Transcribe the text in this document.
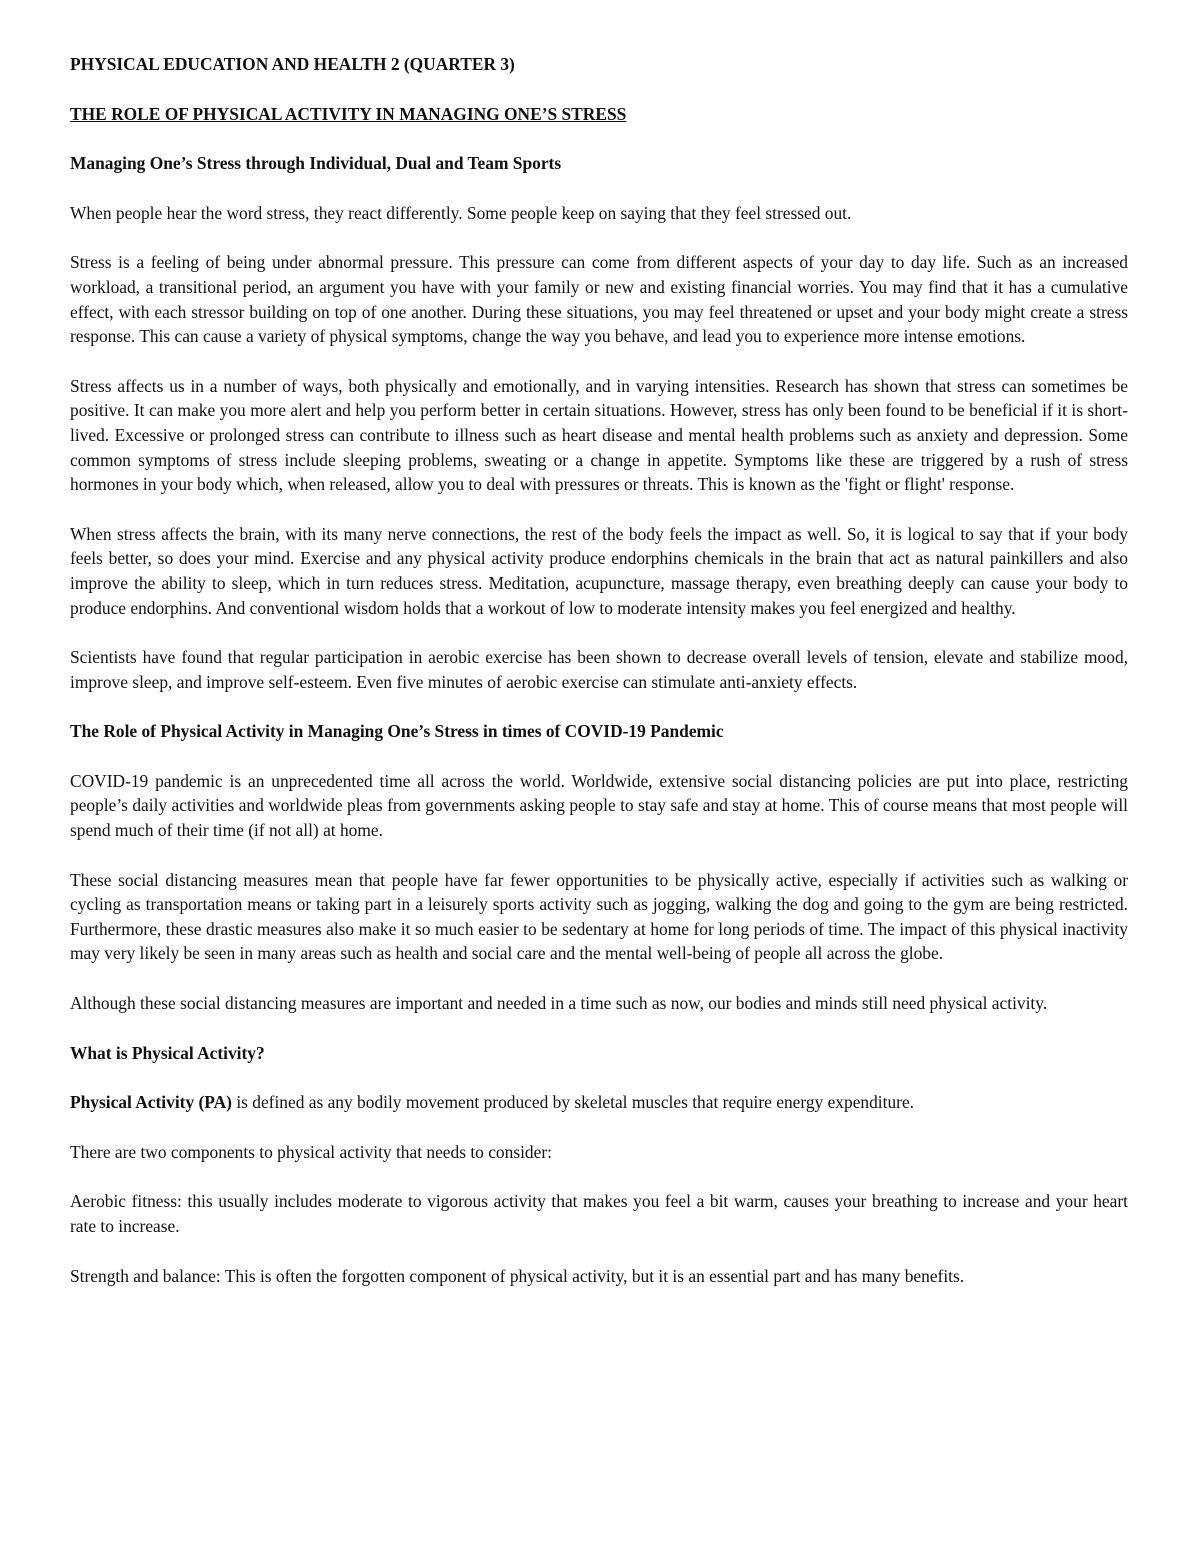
PHYSICAL EDUCATION AND HEALTH 2 (QUARTER 3)
THE ROLE OF PHYSICAL ACTIVITY IN MANAGING ONE’S STRESS
Managing One’s Stress through Individual, Dual and Team Sports

When people hear the word stress, they react differently. Some people keep on saying that they feel stressed out.

Stress is a feeling of being under abnormal pressure. This pressure can come from different aspects of your day to day life. Such as an increased workload, a transitional period, an argument you have with your family or new and existing financial worries. You may find that it has a cumulative effect, with each stressor building on top of one another. During these situations, you may feel threatened or upset and your body might create a stress response. This can cause a variety of physical symptoms, change the way you behave, and lead you to experience more intense emotions.

Stress affects us in a number of ways, both physically and emotionally, and in varying intensities. Research has shown that stress can sometimes be positive. It can make you more alert and help you perform better in certain situations. However, stress has only been found to be beneficial if it is short-lived. Excessive or prolonged stress can contribute to illness such as heart disease and mental health problems such as anxiety and depression. Some common symptoms of stress include sleeping problems, sweating or a change in appetite. Symptoms like these are triggered by a rush of stress hormones in your body which, when released, allow you to deal with pressures or threats. This is known as the 'fight or flight' response.

When stress affects the brain, with its many nerve connections, the rest of the body feels the impact as well. So, it is logical to say that if your body feels better, so does your mind. Exercise and any physical activity produce endorphins chemicals in the brain that act as natural painkillers and also improve the ability to sleep, which in turn reduces stress. Meditation, acupuncture, massage therapy, even breathing deeply can cause your body to produce endorphins. And conventional wisdom holds that a workout of low to moderate intensity makes you feel energized and healthy.

Scientists have found that regular participation in aerobic exercise has been shown to decrease overall levels of tension, elevate and stabilize mood, improve sleep, and improve self-esteem. Even five minutes of aerobic exercise can stimulate anti-anxiety effects.

The Role of Physical Activity in Managing One’s Stress in times of COVID-19 Pandemic

COVID-19 pandemic is an unprecedented time all across the world. Worldwide, extensive social distancing policies are put into place, restricting people’s daily activities and worldwide pleas from governments asking people to stay safe and stay at home. This of course means that most people will spend much of their time (if not all) at home.

These social distancing measures mean that people have far fewer opportunities to be physically active, especially if activities such as walking or cycling as transportation means or taking part in a leisurely sports activity such as jogging, walking the dog and going to the gym are being restricted. Furthermore, these drastic measures also make it so much easier to be sedentary at home for long periods of time. The impact of this physical inactivity may very likely be seen in many areas such as health and social care and the mental well-being of people all across the globe.

Although these social distancing measures are important and needed in a time such as now, our bodies and minds still need physical activity.

What is Physical Activity?

Physical Activity (PA) is defined as any bodily movement produced by skeletal muscles that require energy expenditure.

There are two components to physical activity that needs to consider:

Aerobic fitness: this usually includes moderate to vigorous activity that makes you feel a bit warm, causes your breathing to increase and your heart rate to increase.

Strength and balance: This is often the forgotten component of physical activity, but it is an essential part and has many benefits.
